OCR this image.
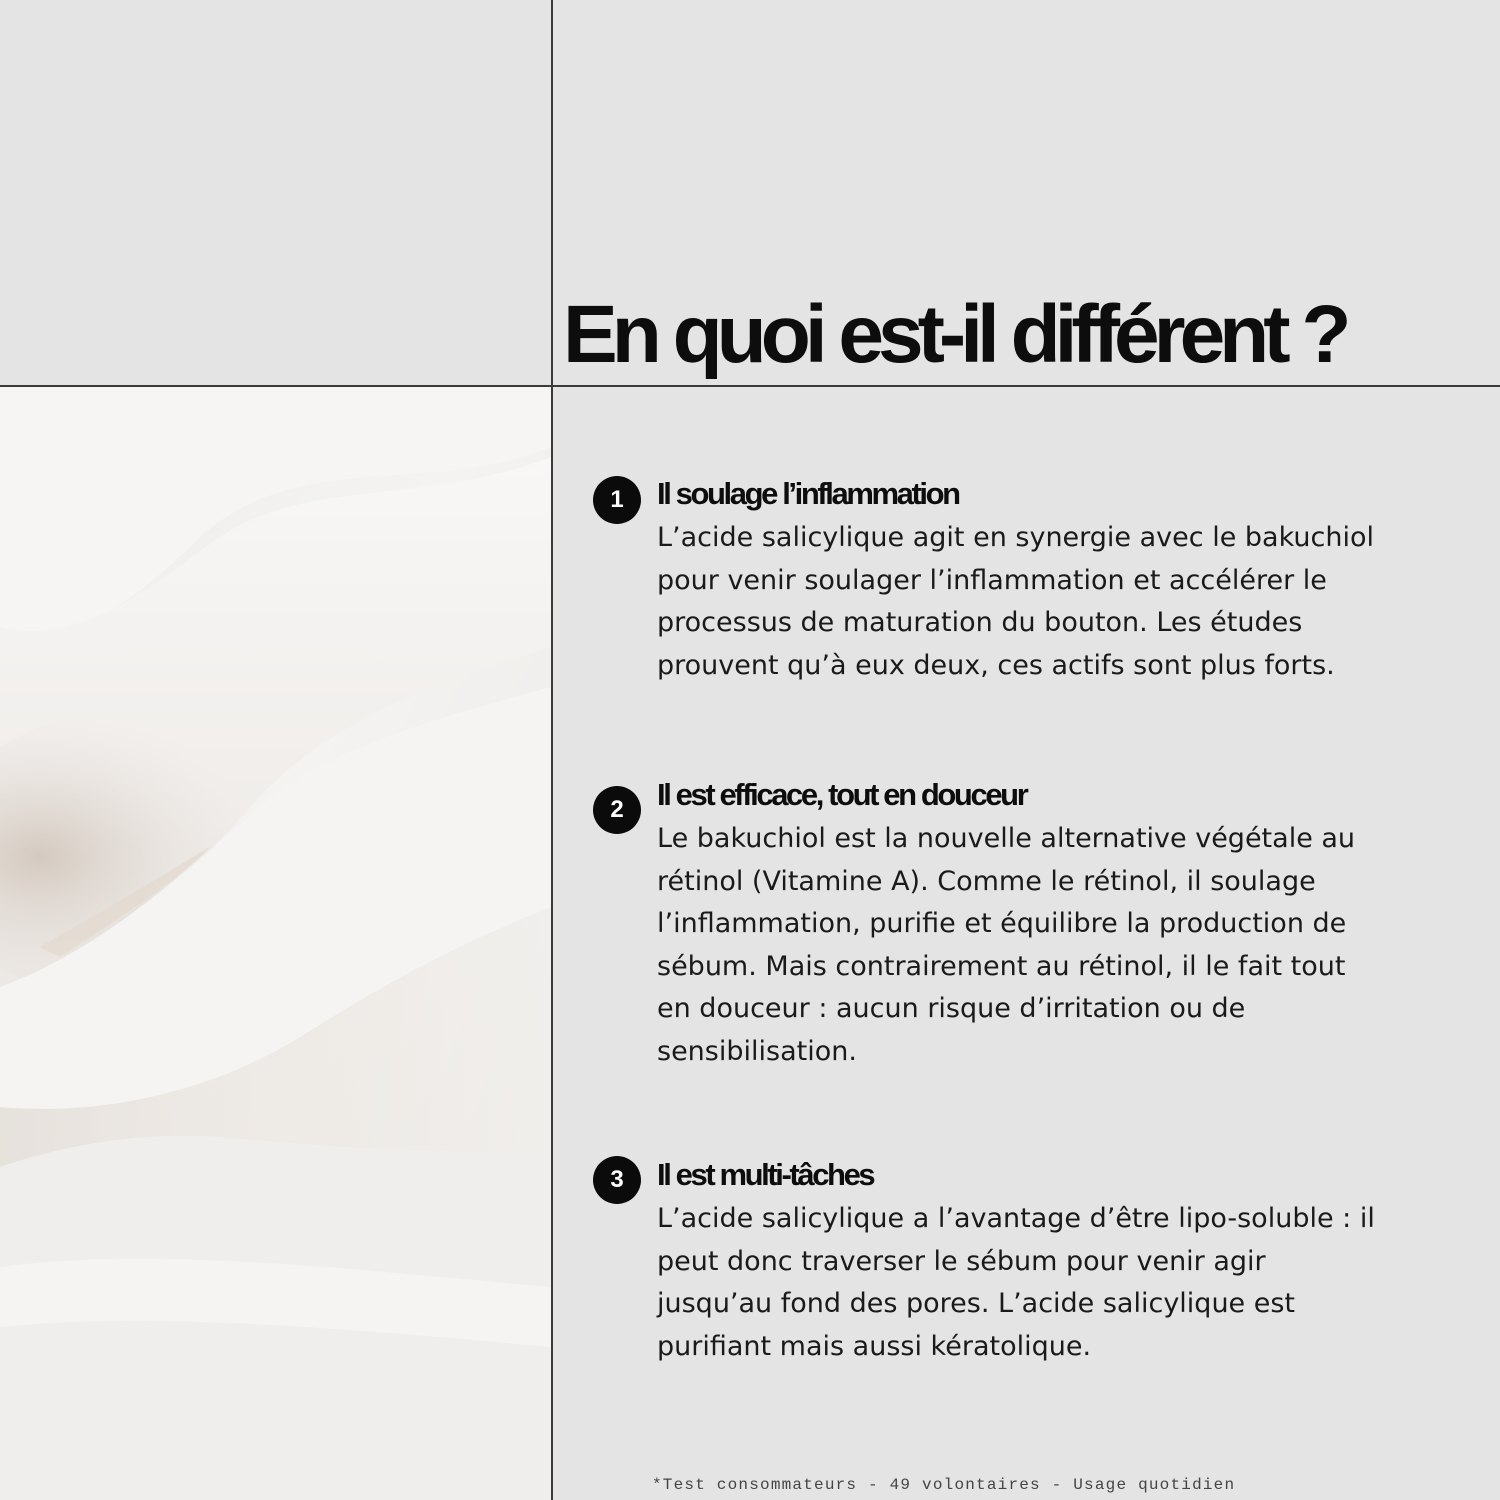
En quoi est-il différent ?
1	Il soulage l’inflammation

L’acide salicylique agit en synergie avec le bakuchiol
pour venir soulager l’inflammation et accélérer le
processus de maturation du bouton. Les études
prouvent qu’à eux deux, ces actifs sont plus forts.

2	Il est efficace, tout en douceur

Le bakuchiol est la nouvelle alternative végétale au
rétinol (Vitamine A). Comme le rétinol, il soulage
l’inflammation, purifie et équilibre la production de
sébum. Mais contrairement au rétinol, il le fait tout
en douceur : aucun risque d’irritation ou de
sensibilisation.

3	Il est multi-tâches

L’acide salicylique a l’avantage d’être lipo-soluble : il
peut donc traverser le sébum pour venir agir
jusqu’au fond des pores. L’acide salicylique est
purifiant mais aussi kératolique.

*Test consommateurs - 49 volontaires - Usage quotidien
